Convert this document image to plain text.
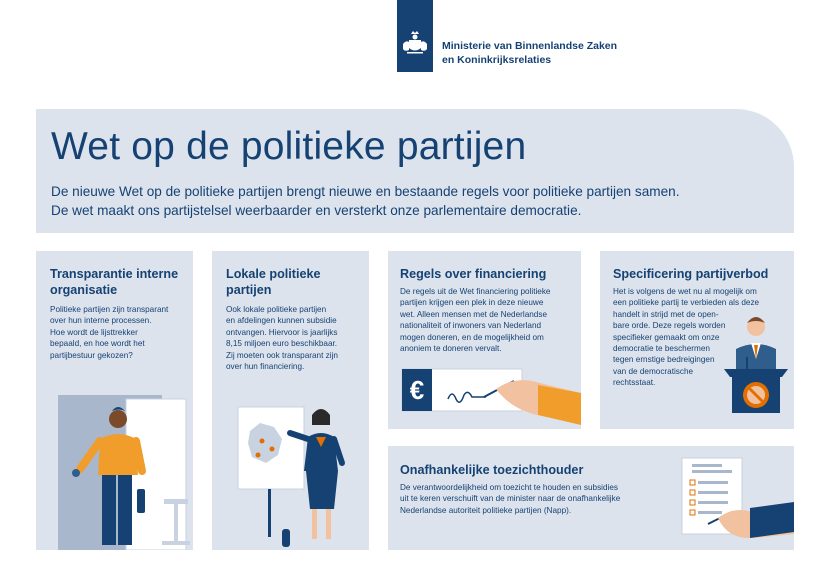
Ministerie van Binnenlandse Zaken
en Koninkrijksrelaties
Wet op de politieke partijen

De nieuwe Wet op de politieke partijen brengt nieuwe en bestaande regels voor politieke partijen samen.
De wet maakt ons partijstelsel weerbaarder en versterkt onze parlementaire democratie.

Transparantie interne
organisatie

Politieke partijen zijn transparant
over hun interne processen.
Hoe wordt de lijsttrekker
bepaald, en hoe wordt het
partijbestuur gekozen?

Lokale politieke
partijen

Ook lokale politieke partijen
en afdelingen kunnen subsidie
ontvangen. Hiervoor is jaarlijks
8,15 miljoen euro beschikbaar.
Zij moeten ook transparant zijn
over hun financiering.

Regels over financiering

De regels uit de Wet financiering politieke
partijen krijgen een plek in deze nieuwe
wet. Alleen mensen met de Nederlandse
nationaliteit of inwoners van Nederland
mogen doneren, en de mogelijkheid om
anoniem te doneren vervalt.

€
Specificering partijverbod

Het is volgens de wet nu al mogelijk om
een politieke partij te verbieden als deze
handelt in strijd met de open-
bare orde. Deze regels worden
specifieker gemaakt om onze
democratie te beschermen
tegen ernstige bedreigingen
van de democratische
rechtsstaat.

Onafhankelijke toezichthouder

De verantwoordelijkheid om toezicht te houden en subsidies
uit te keren verschuift van de minister naar de onafhankelijke
Nederlandse autoriteit politieke partijen (Napp).
